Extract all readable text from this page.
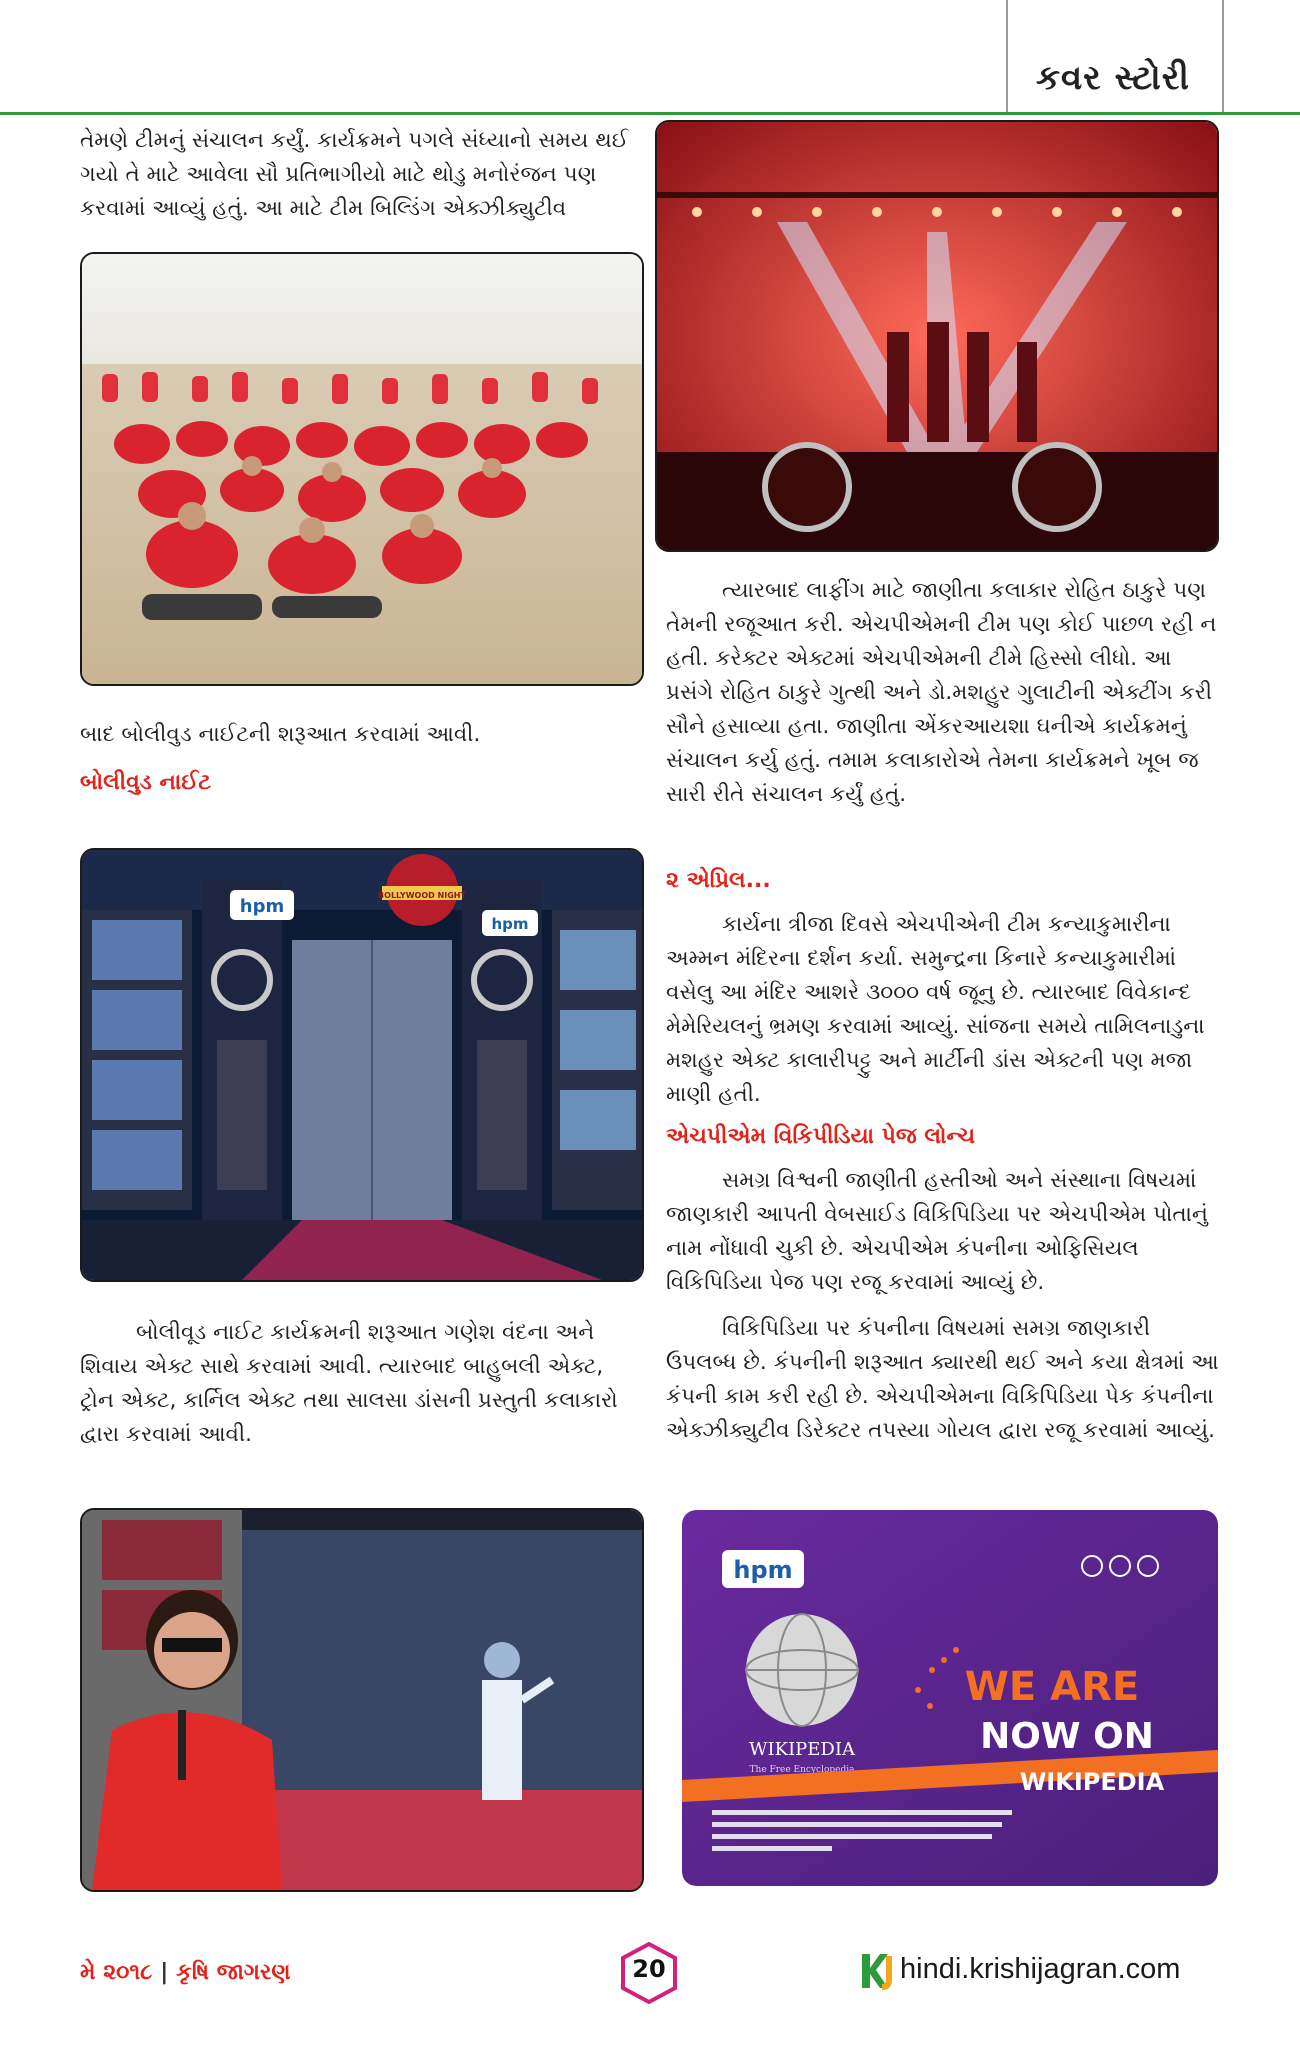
કવર સ્ટોરી

તેમણે ટીમનું સંચાલન કર્યું. કાર્યક્રમને પગલે સંધ્યાનો સમય થઈ ગયો તે માટે આવેલા સૌ પ્રતિભાગીયો માટે થોડુ મનોરંજન પણ કરવામાં આવ્યું હતું. આ માટે ટીમ બિલ્ડિંગ એક્ઝીક્યુટીવ

બાદ બોલીવુડ નાઈટની શરૂઆત કરવામાં આવી.

બોલીવુડ નાઈટ
hpm
hpm
BOLLYWOOD NIGHT

બોલીવૂડ નાઈટ કાર્યક્રમની શરૂઆત ગણેશ વંદના અને શિવાય એક્ટ સાથે કરવામાં આવી. ત્યારબાદ બાહુબલી એક્ટ, ટ્રોન એક્ટ, કાર્નિલ એક્ટ તથા સાલસા ડાંસની પ્રસ્તુતી કલાકારો દ્વારા કરવામાં આવી.

ત્યારબાદ લાફીંગ માટે જાણીતા કલાકાર રોહિત ઠાકુરે પણ તેમની રજૂઆત કરી. એચપીએમની ટીમ પણ કોઈ પાછળ રહી ન હતી. કરેક્ટર એક્ટમાં એચપીએમની ટીમે હિસ્સો લીધો. આ પ્રસંગે રોહિત ઠાકુરે ગુત્થી અને ડો.મશહુર ગુલાટીની એક્ટીંગ કરી સૌને હસાવ્યા હતા. જાણીતા એંકરઆયશા ઘનીએ કાર્યક્રમનું સંચાલન કર્યુ હતું. તમામ કલાકારોએ તેમના કાર્યક્રમને ખૂબ જ સારી રીતે સંચાલન કર્યું હતું.

૨ એપ્રિલ...

કાર્યના ત્રીજા દિવસે એચપીએની ટીમ કન્યાકુમારીના અમ્મન મંદિરના દર્શન કર્યા. સમુન્દ્રના કિનારે કન્યાકુમારીમાં વસેલુ આ મંદિર આશરે ૩૦૦૦ વર્ષ જૂનુ છે. ત્યારબાદ વિવેકાન્દ મેમેરિયલનું ભ્રમણ કરવામાં આવ્યું. સાંજના સમયે તામિલનાડુના મશહુર એક્ટ કાલારીપટ્ટુ અને માર્ટીની ડાંસ એક્ટની પણ મજા માણી હતી.

એચપીએમ વિકિપીડિયા પેજ લોન્ચ

સમગ્ર વિશ્વની જાણીતી હસ્તીઓ અને સંસ્થાના વિષયમાં જાણકારી આપતી વેબસાઈડ વિકિપિડિયા પર એચપીએમ પોતાનું નામ નોંધાવી ચુકી છે. એચપીએમ કંપનીના ઓફિસિયલ વિકિપિડિયા પેજ પણ રજૂ કરવામાં આવ્યું છે.

વિકિપિડિયા પર કંપનીના વિષયમાં સમગ્ર જાણકારી ઉપલબ્ધ છે. કંપનીની શરૂઆત ક્યારથી થઈ અને કયા ક્ષેત્રમાં આ કંપની કામ કરી રહી છે. એચપીએમના વિકિપિડિયા પેક કંપનીના એક્ઝીક્યુટીવ ડિરેક્ટર તપસ્યા ગોયલ દ્વારા રજૂ કરવામાં આવ્યું.

hpm
WIKIPEDIA
The Free Encyclopedia
WE ARE
NOW ON
WIKIPEDIA
મે ૨૦૧૮ | કૃષિ જાગરણ	20	hindi.krishijagran.com
